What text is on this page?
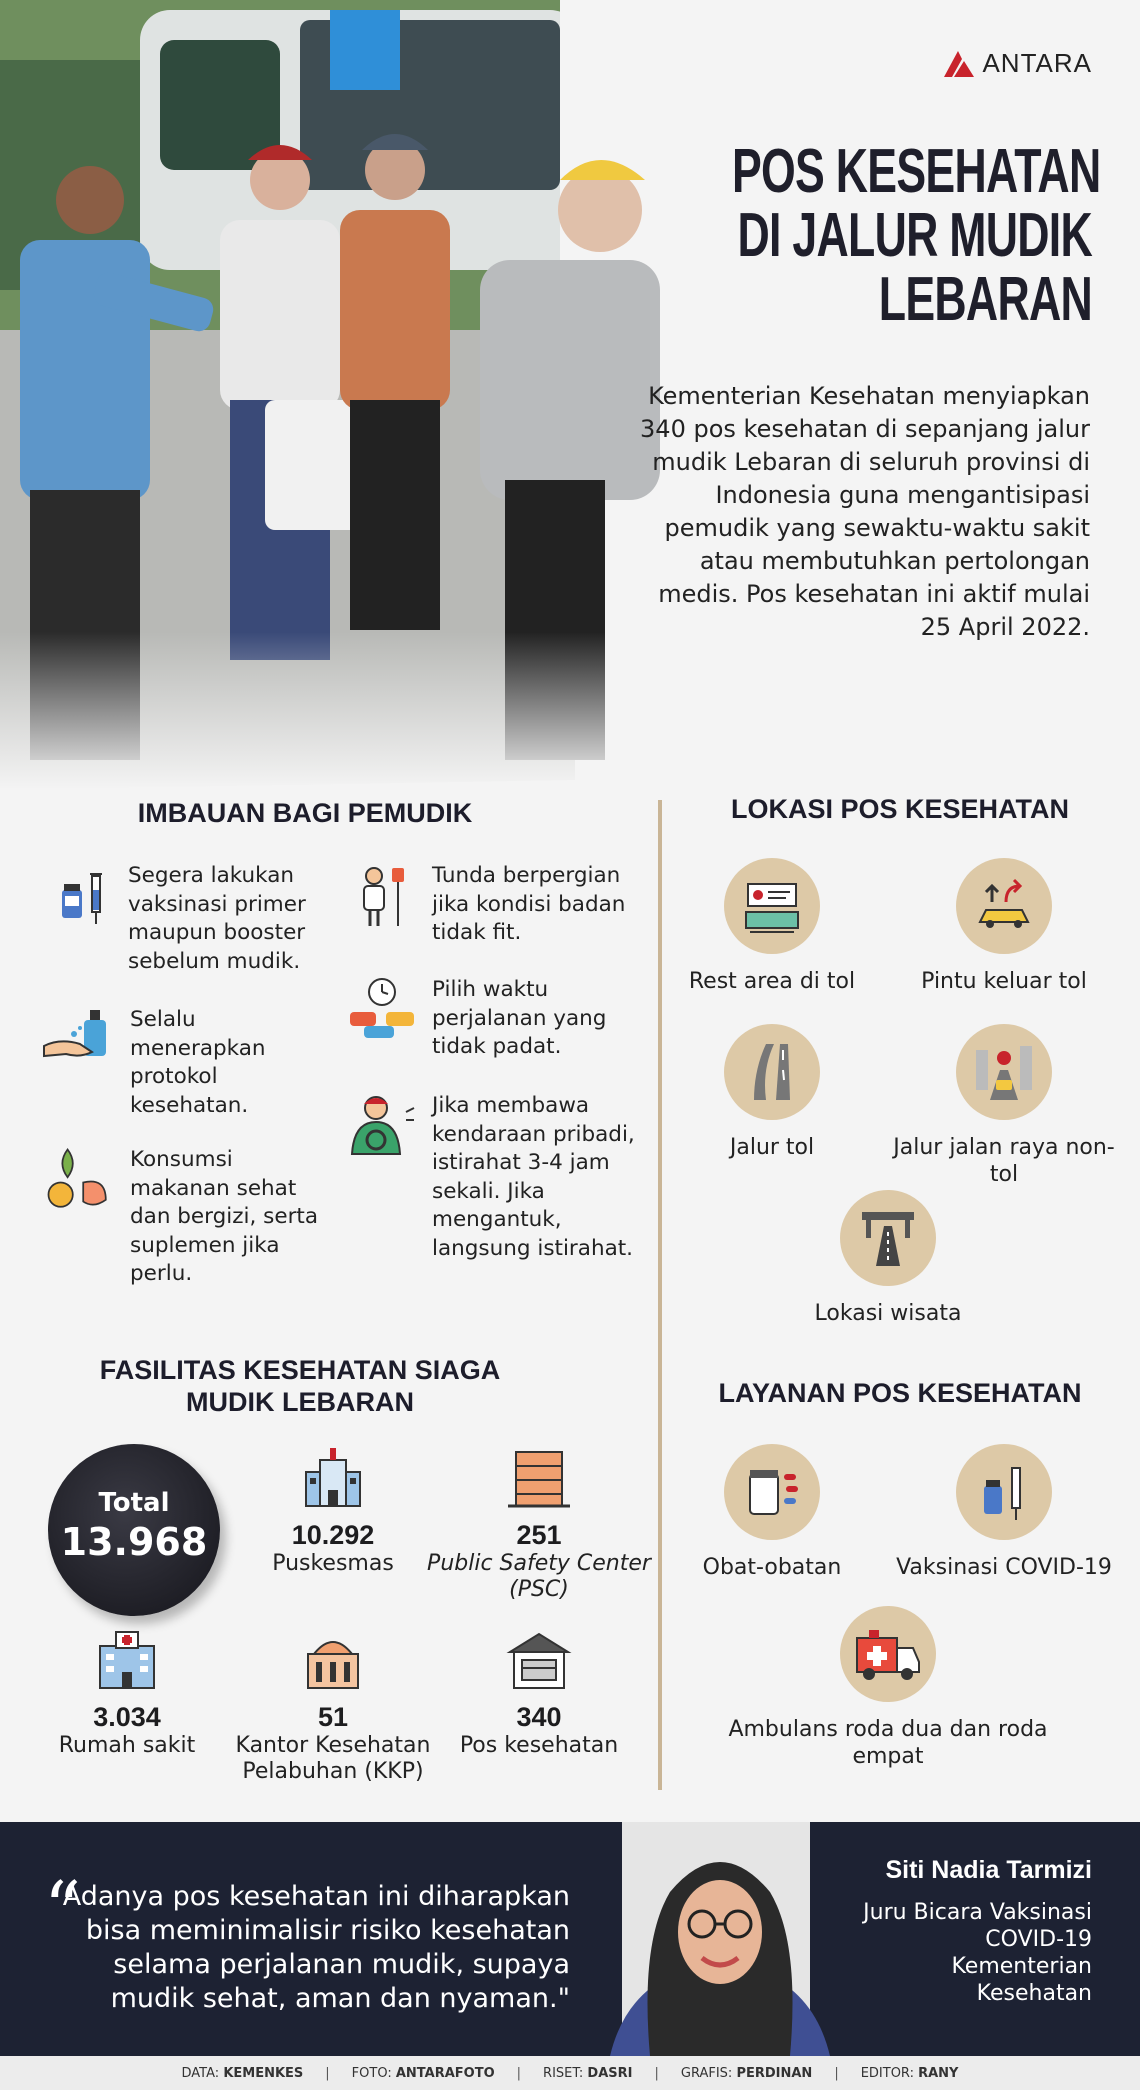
ANTARA
POS KESEHATAN
DI JALUR MUDIK
LEBARAN
Kementerian Kesehatan menyiapkan 340 pos kesehatan di sepanjang jalur mudik Lebaran di seluruh provinsi di Indonesia guna mengantisipasi pemudik yang sewaktu-waktu sakit atau membutuhkan pertolongan medis. Pos kesehatan ini aktif mulai 25 April 2022.
IMBAUAN BAGI PEMUDIK
Segera lakukan vaksinasi primer maupun booster sebelum mudik.
Selalu menerapkan protokol kesehatan.
Konsumsi makanan sehat dan bergizi, serta suplemen jika perlu.
Tunda berpergian jika kondisi badan tidak fit.
Pilih waktu perjalanan yang tidak padat.
Jika membawa kendaraan pribadi, istirahat 3-4 jam sekali. Jika mengantuk, langsung istirahat.
LOKASI POS KESEHATAN
Rest area di tol	Pintu keluar tol
Jalur tol	Jalur jalan raya non-tol
Lokasi wisata
LAYANAN POS KESEHATAN
Obat-obatan	Vaksinasi COVID-19
Ambulans roda dua dan roda empat
FASILITAS KESEHATAN SIAGA
MUDIK LEBARAN
Total
13.968	10.292
Puskesmas
251
Public Safety Center (PSC)
3.034
Rumah sakit
51
Kantor Kesehatan Pelabuhan (KKP)
340
Pos kesehatan
“
Adanya pos kesehatan ini diharapkan bisa meminimalisir risiko kesehatan selama perjalanan mudik, supaya mudik sehat, aman dan nyaman."
Siti Nadia Tarmizi
Juru Bicara Vaksinasi
COVID-19
Kementerian
Kesehatan
DATA: KEMENKES | FOTO: ANTARAFOTO | RISET: DASRI | GRAFIS: PERDINAN | EDITOR: RANY
